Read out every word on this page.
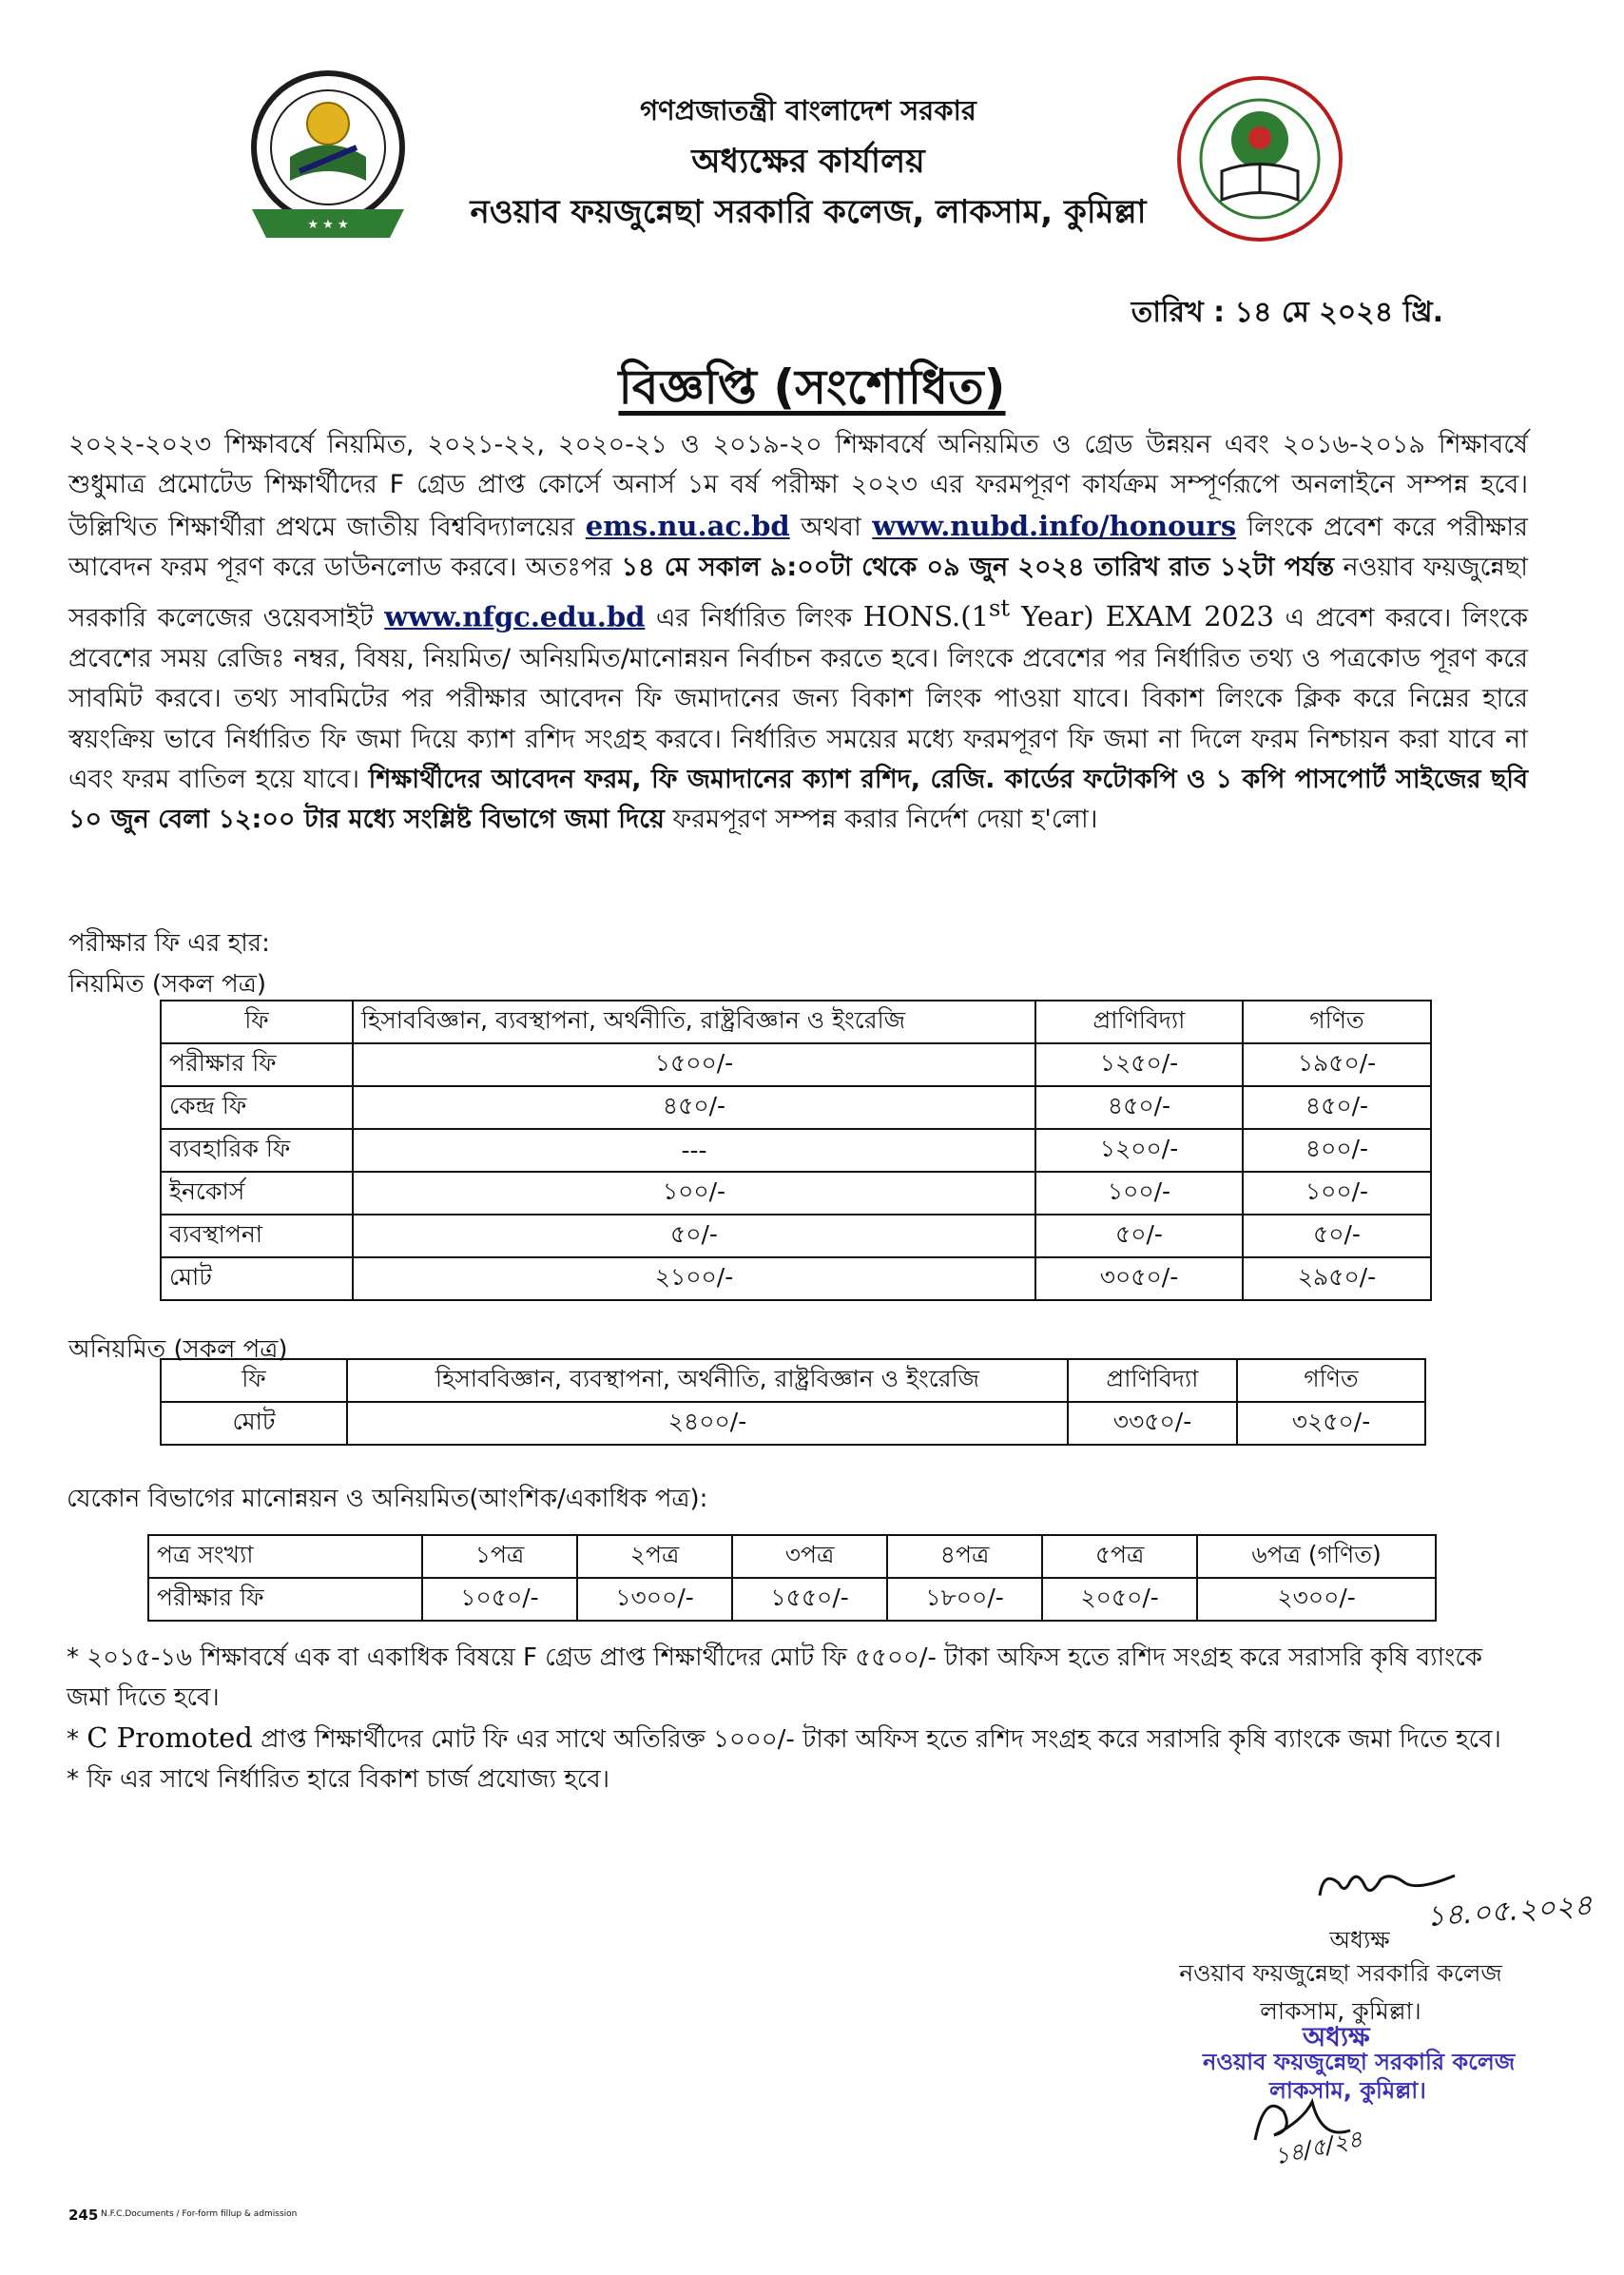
★ ★ ★
গণপ্রজাতন্ত্রী বাংলাদেশ সরকার
অধ্যক্ষের কার্যালয়
নওয়াব ফয়জুন্নেছা সরকারি কলেজ, লাকসাম, কুমিল্লা
তারিখ : ১৪ মে ২০২৪ খ্রি.
বিজ্ঞপ্তি (সংশোধিত)
২০২২-২০২৩ শিক্ষাবর্ষে নিয়মিত, ২০২১-২২, ২০২০-২১ ও ২০১৯-২০ শিক্ষাবর্ষে অনিয়মিত ও গ্রেড উন্নয়ন এবং ২০১৬-২০১৯ শিক্ষাবর্ষে শুধুমাত্র প্রমোটেড শিক্ষার্থীদের F গ্রেড প্রাপ্ত কোর্সে অনার্স ১ম বর্ষ পরীক্ষা ২০২৩ এর ফরমপূরণ কার্যক্রম সম্পূর্ণরূপে অনলাইনে সম্পন্ন হবে। উল্লিখিত শিক্ষার্থীরা প্রথমে জাতীয় বিশ্ববিদ্যালয়ের ems.nu.ac.bd অথবা www.nubd.info/honours লিংকে প্রবেশ করে পরীক্ষার আবেদন ফরম পূরণ করে ডাউনলোড করবে। অতঃপর ১৪ মে সকাল ৯:০০টা থেকে ০৯ জুন ২০২৪ তারিখ রাত ১২টা পর্যন্ত নওয়াব ফয়জুন্নেছা সরকারি কলেজের ওয়েবসাইট www.nfgc.edu.bd এর নির্ধারিত লিংক HONS.(1st Year) EXAM 2023 এ প্রবেশ করবে। লিংকে প্রবেশের সময় রেজিঃ নম্বর, বিষয়, নিয়মিত/ অনিয়মিত/মানোন্নয়ন নির্বাচন করতে হবে। লিংকে প্রবেশের পর নির্ধারিত তথ্য ও পত্রকোড পূরণ করে সাবমিট করবে। তথ্য সাবমিটের পর পরীক্ষার আবেদন ফি জমাদানের জন্য বিকাশ লিংক পাওয়া যাবে। বিকাশ লিংকে ক্লিক করে নিম্নের হারে স্বয়ংক্রিয় ভাবে নির্ধারিত ফি জমা দিয়ে ক্যাশ রশিদ সংগ্রহ করবে। নির্ধারিত সময়ের মধ্যে ফরমপূরণ ফি জমা না দিলে ফরম নিশ্চায়ন করা যাবে না এবং ফরম বাতিল হয়ে যাবে। শিক্ষার্থীদের আবেদন ফরম, ফি জমাদানের ক্যাশ রশিদ, রেজি. কার্ডের ফটোকপি ও ১ কপি পাসপোর্ট সাইজের ছবি ১০ জুন বেলা ১২:০০ টার মধ্যে সংশ্লিষ্ট বিভাগে জমা দিয়ে ফরমপূরণ সম্পন্ন করার নির্দেশ দেয়া হ'লো।
পরীক্ষার ফি এর হার:
নিয়মিত (সকল পত্র)
ফি	হিসাববিজ্ঞান, ব্যবস্থাপনা, অর্থনীতি, রাষ্ট্রবিজ্ঞান ও ইংরেজি	প্রাণিবিদ্যা	গণিত
পরীক্ষার ফি	১৫০০/-	১২৫০/-	১৯৫০/-
কেন্দ্র ফি	৪৫০/-	৪৫০/-	৪৫০/-
ব্যবহারিক ফি	---	১২০০/-	৪০০/-
ইনকোর্স	১০০/-	১০০/-	১০০/-
ব্যবস্থাপনা	৫০/-	৫০/-	৫০/-
মোট	২১০০/-	৩০৫০/-	২৯৫০/-
অনিয়মিত (সকল পত্র)
ফি	হিসাববিজ্ঞান, ব্যবস্থাপনা, অর্থনীতি, রাষ্ট্রবিজ্ঞান ও ইংরেজি	প্রাণিবিদ্যা	গণিত
মোট	২৪০০/-	৩৩৫০/-	৩২৫০/-
যেকোন বিভাগের মানোন্নয়ন ও অনিয়মিত(আংশিক/একাধিক পত্র):
পত্র সংখ্যা	১পত্র	২পত্র	৩পত্র	৪পত্র	৫পত্র	৬পত্র (গণিত)
পরীক্ষার ফি	১০৫০/-	১৩০০/-	১৫৫০/-	১৮০০/-	২০৫০/-	২৩০০/-

* ২০১৫-১৬ শিক্ষাবর্ষে এক বা একাধিক বিষয়ে F গ্রেড প্রাপ্ত শিক্ষার্থীদের মোট ফি ৫৫০০/- টাকা অফিস হতে রশিদ সংগ্রহ করে সরাসরি কৃষি ব্যাংকে জমা দিতে হবে।

* C Promoted প্রাপ্ত শিক্ষার্থীদের মোট ফি এর সাথে অতিরিক্ত ১০০০/- টাকা অফিস হতে রশিদ সংগ্রহ করে সরাসরি কৃষি ব্যাংকে জমা দিতে হবে।

* ফি এর সাথে নির্ধারিত হারে বিকাশ চার্জ প্রযোজ্য হবে।

১৪.০৫.২০২৪
অধ্যক্ষ
নওয়াব ফয়জুন্নেছা সরকারি কলেজ
লাকসাম, কুমিল্লা।
অধ্যক্ষ
নওয়াব ফয়জুন্নেছা সরকারি কলেজ
লাকসাম, কুমিল্লা।
১৪/৫/২৪
245 N.F.C.Documents / For-form fillup & admission
